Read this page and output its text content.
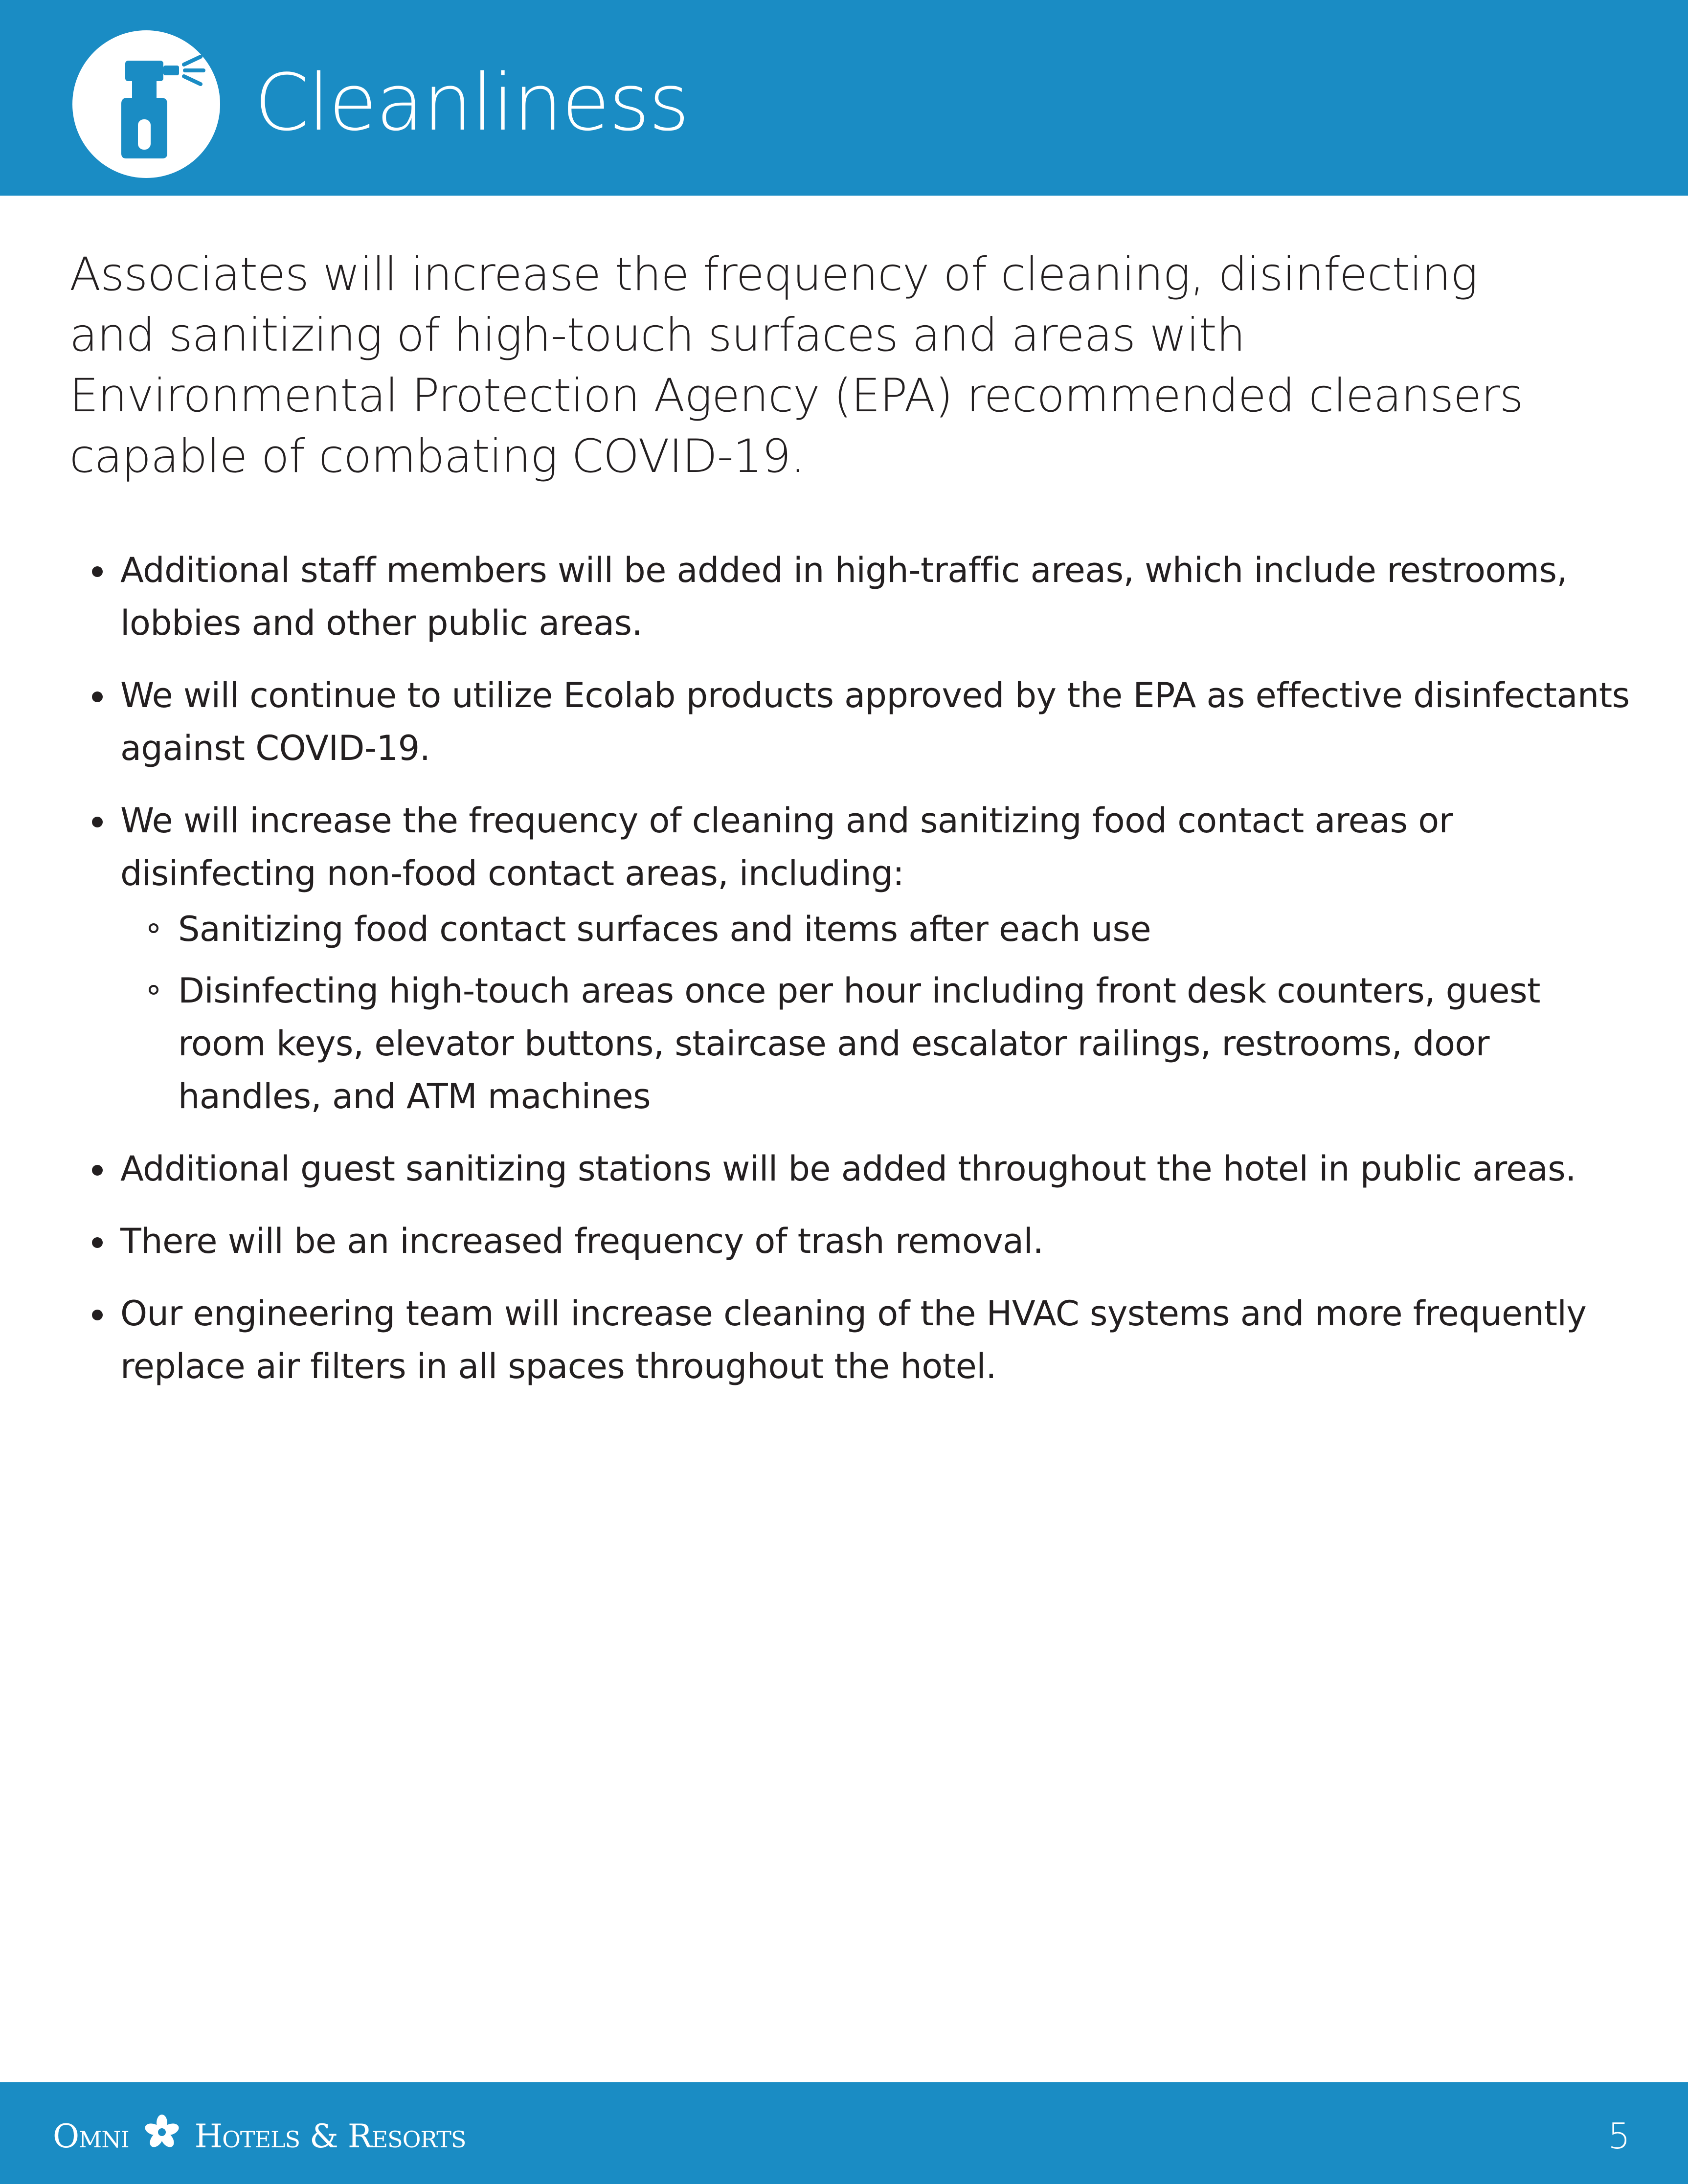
Cleanliness

Associates will increase the frequency of cleaning, disinfecting and sanitizing of high-touch surfaces and areas with Environmental Protection Agency (EPA) recommended cleansers capable of combating COVID-19.

Additional staff members will be added in high-traffic areas, which include restrooms, lobbies and other public areas.
We will continue to utilize Ecolab products approved by the EPA as effective disinfectants against COVID-19.
We will increase the frequency of cleaning and sanitizing food contact areas or disinfecting non-food contact areas, including:
Sanitizing food contact surfaces and items after each use
Disinfecting high-touch areas once per hour including front desk counters, guest room keys, elevator buttons, staircase and escalator railings, restrooms, door handles, and ATM machines
Additional guest sanitizing stations will be added throughout the hotel in public areas.
There will be an increased frequency of trash removal.
Our engineering team will increase cleaning of the HVAC systems and more frequently replace air filters in all spaces throughout the hotel.
Omni Hotels & Resorts	5
